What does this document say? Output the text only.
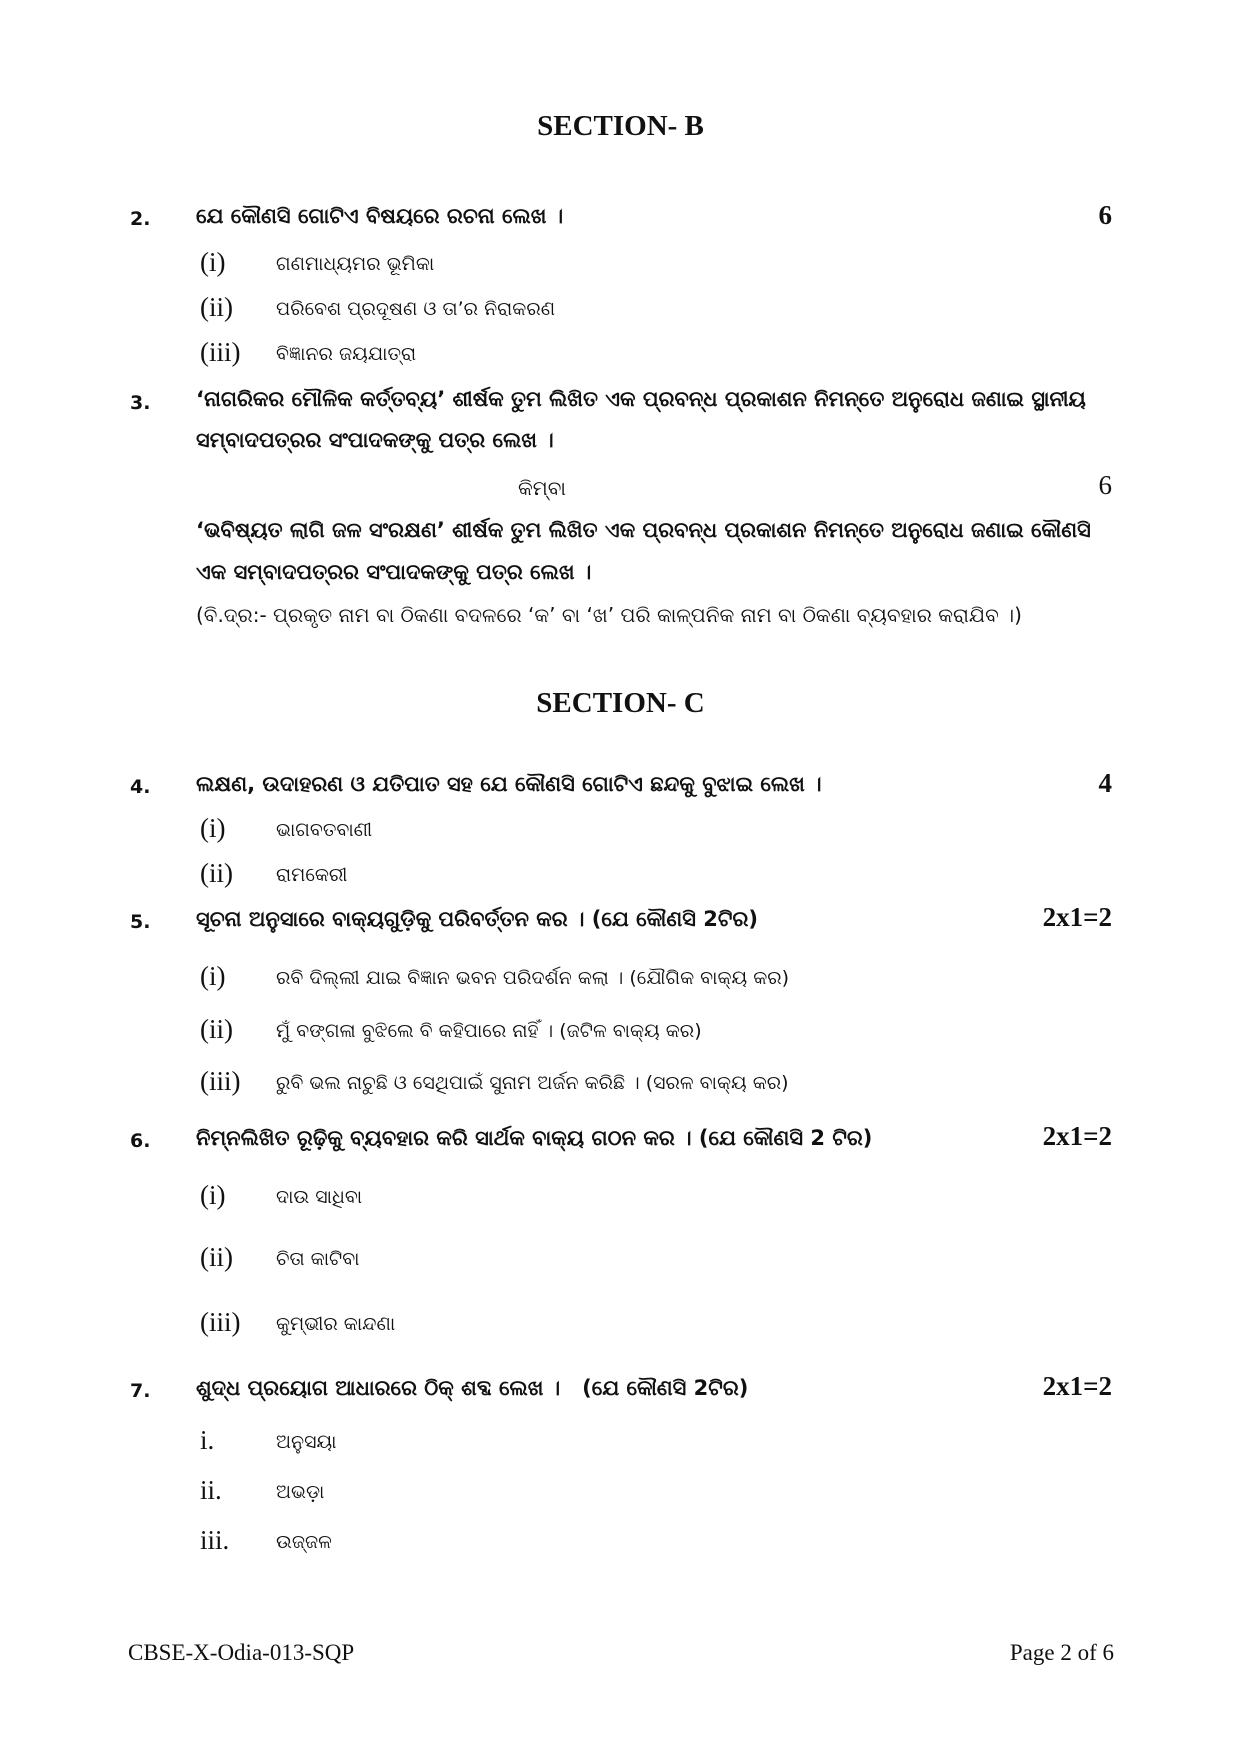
SECTION- B
2. ଯେ କୌଣସି ଗୋଟିଏ ବିଷୟରେ ରଚନା ଲେଖ ।	6
(i)	ଗଣମାଧ୍ୟମର ଭୂମିକା
(ii) ପରିବେଶ ପ୍ରଦୂଷଣ ଓ ତା’ର ନିରାକରଣ
(iii) ବିଜ୍ଞାନର ଜୟଯାତ୍ରା
3. ‘ନାଗରିକର ମୌଳିକ କର୍ତ୍ତବ୍ୟ’ ଶୀର୍ଷକ ତୁମ ଲିଖିତ ଏକ ପ୍ରବନ୍ଧ ପ୍ରକାଶନ ନିମନ୍ତେ ଅନୁରୋଧ ଜଣାଇ ସ୍ଥାନୀୟ
ସମ୍ବାଦପତ୍ରର ସଂପାଦକଙ୍କୁ ପତ୍ର ଲେଖ ।
କିମ୍ବା	6
‘ଭବିଷ୍ୟତ ଲାଗି ଜଳ ସଂରକ୍ଷଣ’ ଶୀର୍ଷକ ତୁମ ଲିଖିତ ଏକ ପ୍ରବନ୍ଧ ପ୍ରକାଶନ ନିମନ୍ତେ ଅନୁରୋଧ ଜଣାଇ କୌଣସି
ଏକ ସମ୍ବାଦପତ୍ରର ସଂପାଦକଙ୍କୁ ପତ୍ର ଲେଖ ।
(ବି.ଦ୍ର:- ପ୍ରକୃତ ନାମ ବା ଠିକଣା ବଦଳରେ ‘କ’ ବା ‘ଖ’ ପରି କାଳ୍ପନିକ ନାମ ବା ଠିକଣା ବ୍ୟବହାର କରାଯିବ ।)
SECTION- C
4. ଲକ୍ଷଣ, ଉଦାହରଣ ଓ ଯତିପାତ ସହ ଯେ କୌଣସି ଗୋଟିଏ ଛନ୍ଦକୁ ବୁଝାଇ ଲେଖ ।	4
(i)	ଭାଗବତବାଣୀ
(ii) ରାମକେରୀ
5. ସୂଚନା ଅନୁସାରେ ବାକ୍ୟଗୁଡ଼ିକୁ ପରିବର୍ତ୍ତନ କର । (ଯେ କୌଣସି 2ଟିର)	2x1=2
(i)	ରବି ଦିଲ୍ଲୀ ଯାଇ ବିଜ୍ଞାନ ଭବନ ପରିଦର୍ଶନ କଲା । (ଯୌଗିକ ବାକ୍ୟ କର)
(ii) ମୁଁ ବଙ୍ଗଳା ବୁଝିଲେ ବି କହିପାରେ ନାହିଁ । (ଜଟିଳ ବାକ୍ୟ କର)
(iii) ରୁବି ଭଲ ନାଚୁଛି ଓ ସେଥିପାଇଁ ସୁନାମ ଅର୍ଜନ କରିଛି । (ସରଳ ବାକ୍ୟ କର)
6. ନିମ୍ନଲିଖିତ ରୂଢ଼ିକୁ ବ୍ୟବହାର କରି ସାର୍ଥକ ବାକ୍ୟ ଗଠନ କର । (ଯେ କୌଣସି 2 ଟିର)	2x1=2
(i)	ଦାଉ ସାଧିବା
(ii) ଚିତା କାଟିବା
(iii) କୁମ୍ଭୀର କାନ୍ଦଣା
7. ଶୁଦ୍ଧ ପ୍ରୟୋଗ ଆଧାରରେ ଠିକ୍ ଶବ୍ଦ ଲେଖ ।   (ଯେ କୌଣସି 2ଟିର)	2x1=2
i.	ଅନୁସୟା
ii.	ଅଭଡ଼ା
iii. ଉଜ୍ଜଳ
CBSE-X-Odia-013-SQP	Page 2 of 6
